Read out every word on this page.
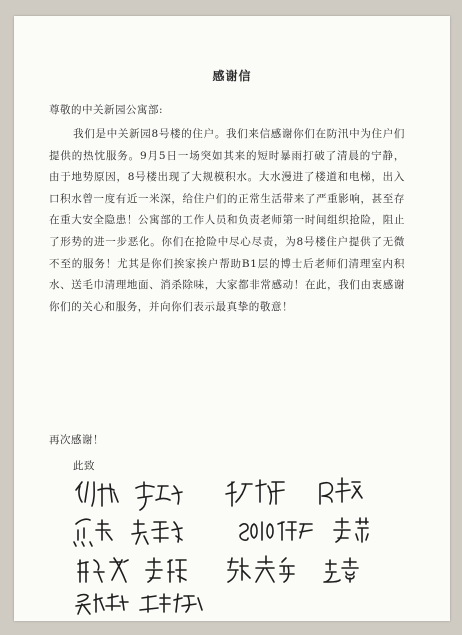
感谢信
尊敬的中关新园公寓部:

我们是中关新园8号楼的住户。我们来信感谢你们在防汛中为住户们提供的热忱服务。9月5日一场突如其来的短时暴雨打破了清晨的宁静，由于地势原因，8号楼出现了大规模积水。大水漫进了楼道和电梯，出入口积水曾一度有近一米深，给住户们的正常生活带来了严重影响，甚至存在重大安全隐患！公寓部的工作人员和负责老师第一时间组织抢险，阻止了形势的进一步恶化。你们在抢险中尽心尽责，为8号楼住户提供了无微不至的服务！尤其是你们挨家挨户帮助B1层的博士后老师们清理室内积水、送毛巾清理地面、消杀除味，大家都非常感动！在此，我们由衷感谢你们的关心和服务，并向你们表示最真挚的敬意！

再次感谢！
此致
